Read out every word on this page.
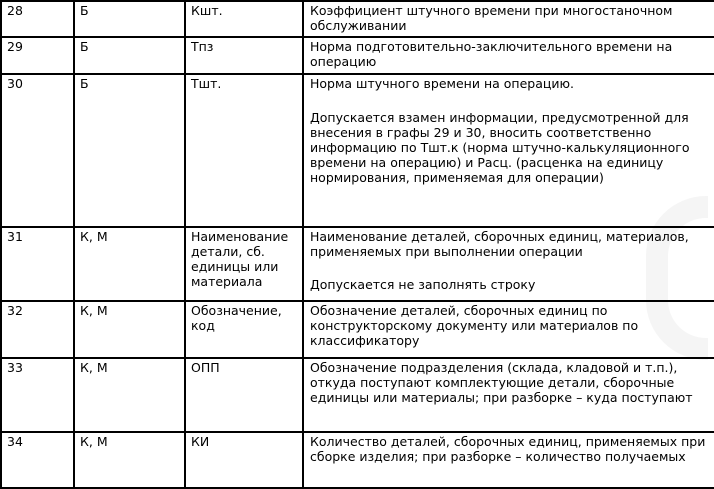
28	Б	Кшт.	Коэффициент штучного времени при многостаночном обслуживании

29	Б	Тпз	Норма подготовительно-заключительного времени на операцию

30	Б	Тшт.	Норма штучного времени на операцию.
Допускается взамен информации, предусмотренной для внесения в графы 29 и 30, вносить соответственно информацию по Тшт.к (норма штучно-калькуляционного времени на операцию) и Расц. (расценка на единицу нормирования, применяемая для операции)

31	К, М	Наименование детали, сб. единицы или материала	Наименование деталей, сборочных единиц, материалов, применяемых при выполнении операции
Допускается не заполнять строку

32	К, М	Обозначение, код	Обозначение деталей, сборочных единиц по конструкторскому документу или материалов по классификатору

33	К, М	ОПП	Обозначение подразделения (склада, кладовой и т.п.), откуда поступают комплектующие детали, сборочные единицы или материалы; при разборке – куда поступают

34	К, М	КИ	Количество деталей, сборочных единиц, применяемых при сборке изделия; при разборке – количество получаемых
